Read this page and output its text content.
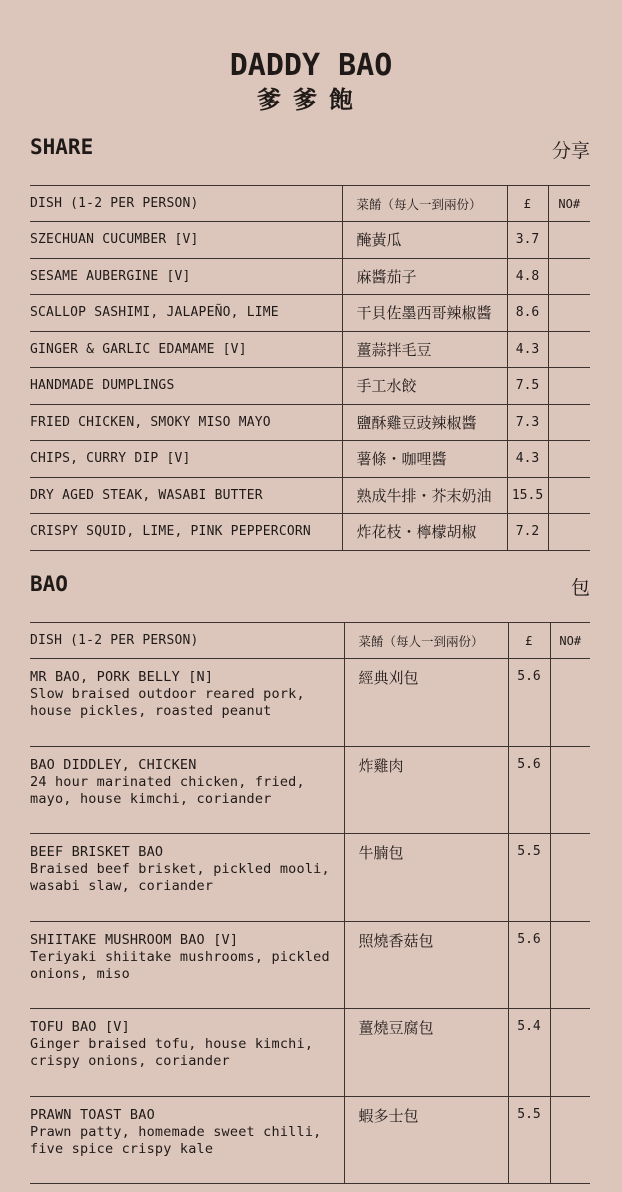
DADDY BAO
爹爹飽
SHARE	分享
DISH (1-2 PER PERSON)	菜餚（每人一到兩份）	£	NO#
SZECHUAN CUCUMBER [V]	醃黃瓜	3.7	
SESAME AUBERGINE [V]	麻醬茄子	4.8	
SCALLOP SASHIMI, JALAPEÑO, LIME	干貝佐墨西哥辣椒醬	8.6	
GINGER & GARLIC EDAMAME [V]	薑蒜拌毛豆	4.3	
HANDMADE DUMPLINGS	手工水餃	7.5	
FRIED CHICKEN, SMOKY MISO MAYO	鹽酥雞豆豉辣椒醬	7.3	
CHIPS, CURRY DIP [V]	薯條・咖哩醬	4.3	
DRY AGED STEAK, WASABI BUTTER	熟成牛排・芥末奶油	15.5	
CRISPY SQUID, LIME, PINK PEPPERCORN	炸花枝・檸檬胡椒	7.2	
BAO	包
DISH (1-2 PER PERSON)	菜餚（每人一到兩份）	£	NO#

MR BAO, PORK BELLY [N]
Slow braised outdoor reared pork, house pickles, roasted peanut	經典刈包	5.6	

BAO DIDDLEY, CHICKEN
24 hour marinated chicken, fried, mayo, house kimchi, coriander	炸雞肉	5.6	

BEEF BRISKET BAO
Braised beef brisket, pickled mooli, wasabi slaw, coriander	牛腩包	5.5	

SHIITAKE MUSHROOM BAO [V]
Teriyaki shiitake mushrooms, pickled onions, miso	照燒香菇包	5.6	

TOFU BAO [V]
Ginger braised tofu, house kimchi, crispy onions, coriander	薑燒豆腐包	5.4	

PRAWN TOAST BAO
Prawn patty, homemade sweet chilli, five spice crispy kale	蝦多士包	5.5	
